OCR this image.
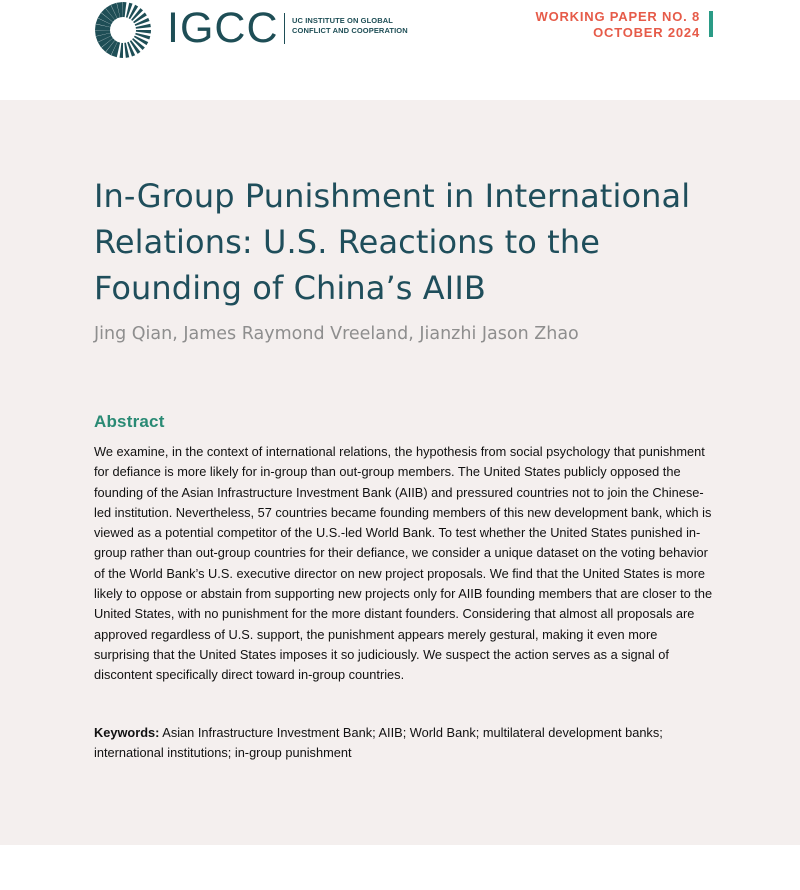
IGCC UC INSTITUTE ON GLOBAL
CONFLICT AND COOPERATION
WORKING PAPER NO. 8
OCTOBER 2024
In-Group Punishment in International
Relations: U.S. Reactions to the
Founding of China’s AIIB
Jing Qian, James Raymond Vreeland, Jianzhi Jason Zhao
Abstract

We examine, in the context of international relations, the hypothesis from social psychology that punishment for defiance is more likely for in-group than out-group members. The United States publicly opposed the founding of the Asian Infrastructure Investment Bank (AIIB) and pressured countries not to join the Chinese-led institution. Nevertheless, 57 countries became founding members of this new development bank, which is viewed as a potential competitor of the U.S.-led World Bank. To test whether the United States punished in-group rather than out-group countries for their defiance, we consider a unique dataset on the voting behavior of the World Bank’s U.S. executive director on new project proposals. We find that the United States is more likely to oppose or abstain from supporting new projects only for AIIB founding members that are closer to the United States, with no punishment for the more distant founders. Considering that almost all proposals are approved regardless of U.S. support, the punishment appears merely gestural, making it even more surprising that the United States imposes it so judiciously. We suspect the action serves as a signal of discontent specifically direct toward in-group countries.

Keywords: Asian Infrastructure Investment Bank; AIIB; World Bank; multilateral development banks; international institutions; in-group punishment
